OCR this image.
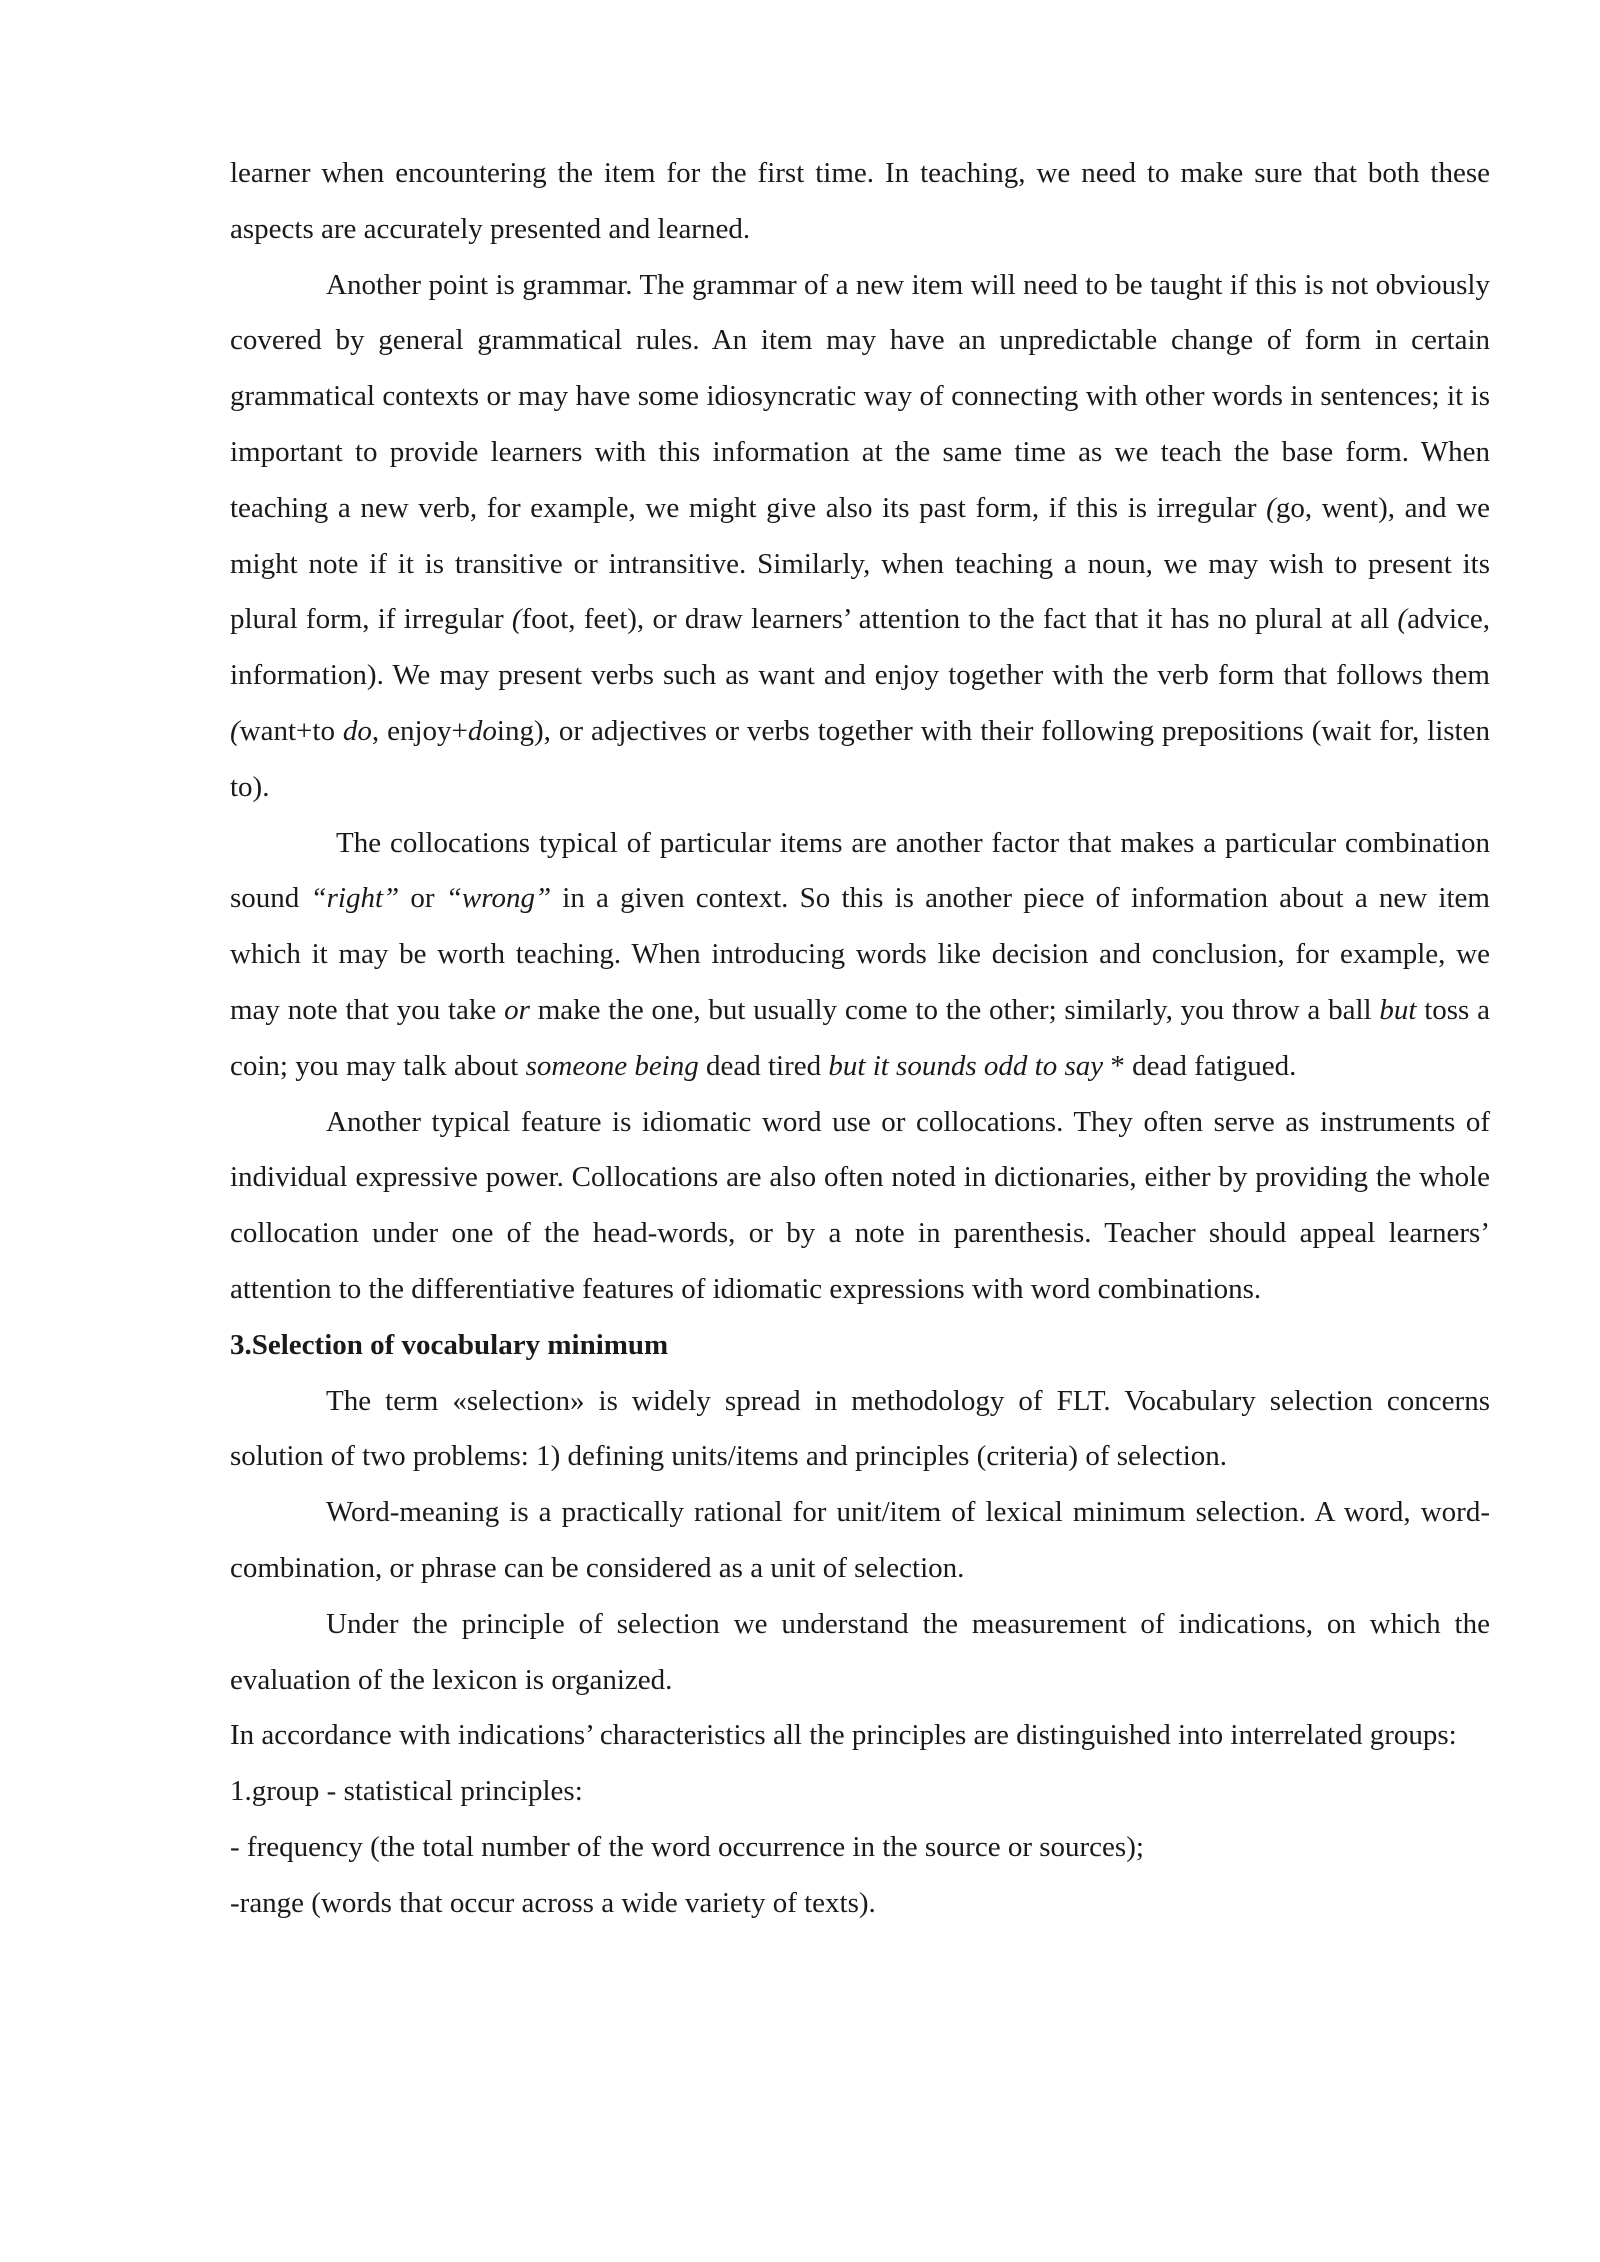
learner when encountering the item for the first time. In teaching, we need to make sure that both these aspects are accurately presented and learned.

Another point is grammar. The grammar of a new item will need to be taught if this is not obviously covered by general grammatical rules. An item may have an unpredictable change of form in certain grammatical contexts or may have some idiosyncratic way of connecting with other words in sentences; it is important to provide learners with this information at the same time as we teach the base form. When teaching a new verb, for example, we might give also its past form, if this is irregular (go, went), and we might note if it is transitive or intransitive. Similarly, when teaching a noun, we may wish to present its plural form, if irregular (foot, feet), or draw learners’ attention to the fact that it has no plural at all (advice, information). We may present verbs such as want and enjoy together with the verb form that follows them (want+to do, enjoy+doing), or adjectives or verbs together with their following prepositions (wait for, listen to).

The collocations typical of particular items are another factor that makes a particular combination sound “right” or “wrong” in a given context. So this is another piece of information about a new item which it may be worth teaching. When introducing words like decision and conclusion, for example, we may note that you take or make the one, but usually come to the other; similarly, you throw a ball but toss a coin; you may talk about someone being dead tired but it sounds odd to say * dead fatigued.

Another typical feature is idiomatic word use or collocations. They often serve as instruments of individual expressive power. Collocations are also often noted in dictionaries, either by providing the whole collocation under one of the head-words, or by a note in parenthesis. Teacher should appeal learners’ attention to the differentiative features of idiomatic expressions with word combinations.

3.Selection of vocabulary minimum

The term «selection» is widely spread in methodology of FLT. Vocabulary selection concerns solution of two problems: 1) defining units/items and principles (criteria) of selection.

Word-meaning is a practically rational for unit/item of lexical minimum selection. A word, word-combination, or phrase can be considered as a unit of selection.

Under the principle of selection we understand the measurement of indications, on which the evaluation of the lexicon is organized.

In accordance with indications’ characteristics all the principles are distinguished into interrelated groups:

1.group - statistical principles:

- frequency (the total number of the word occurrence in the source or sources);

-range (words that occur across a wide variety of texts).
